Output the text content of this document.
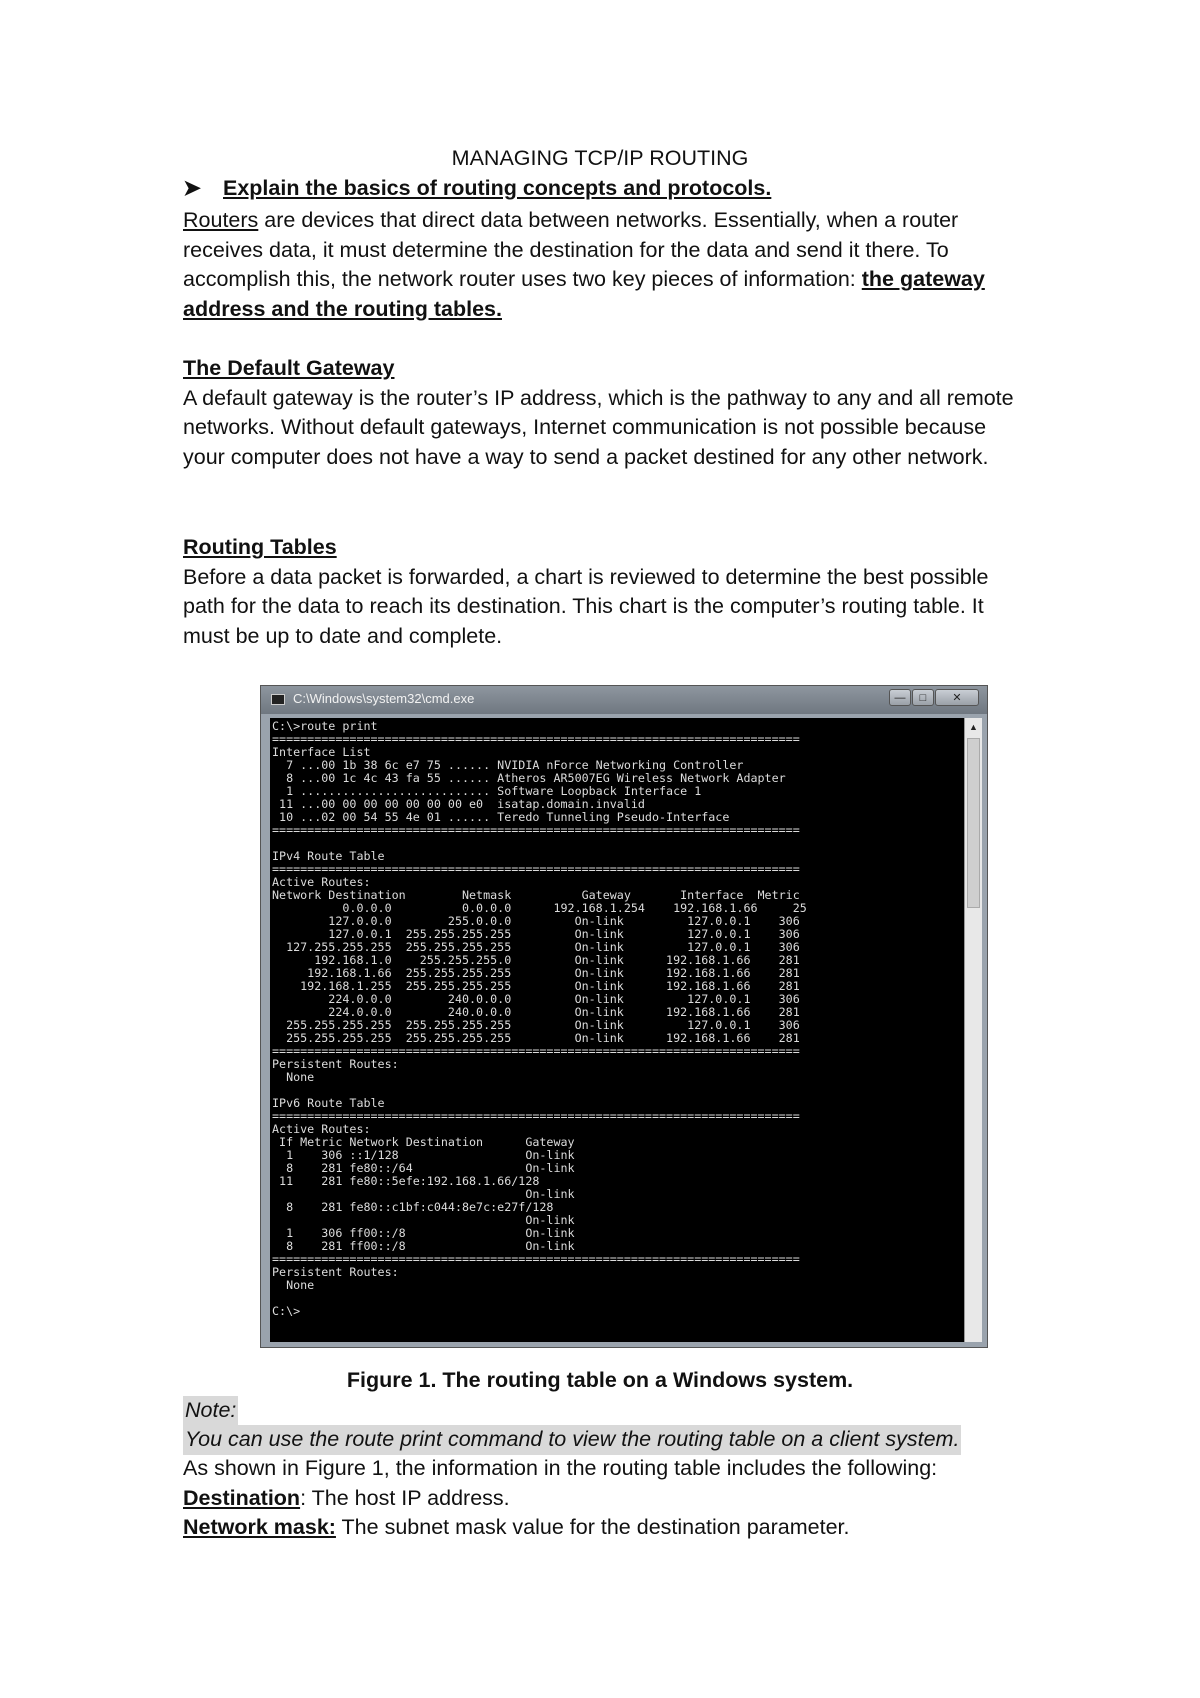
MANAGING TCP/IP ROUTING
➤ Explain the basics of routing concepts and protocols.
Routers are devices that direct data between networks. Essentially, when a router receives data, it must determine the destination for the data and send it there. To accomplish this, the network router uses two key pieces of information: the gateway address and the routing tables.
The Default Gateway
A default gateway is the router’s IP address, which is the pathway to any and all remote networks. Without default gateways, Internet communication is not possible because your computer does not have a way to send a packet destined for any other network.
Routing Tables
Before a data packet is forwarded, a chart is reviewed to determine the best possible path for the data to reach its destination. This chart is the computer’s routing table. It must be up to date and complete.
C:\Windows\system32\cmd.exe	—	□	✕
C:\>route print
===========================================================================
Interface List
7 ...00 1b 38 6c e7 75 ...... NVIDIA nForce Networking Controller
8 ...00 1c 4c 43 fa 55 ...... Atheros AR5007EG Wireless Network Adapter
1 ........................... Software Loopback Interface 1
11 ...00 00 00 00 00 00 00 e0  isatap.domain.invalid
10 ...02 00 54 55 4e 01 ...... Teredo Tunneling Pseudo-Interface
===========================================================================

IPv4 Route Table
===========================================================================
Active Routes:
Network Destination        Netmask          Gateway       Interface  Metric
0.0.0.0          0.0.0.0      192.168.1.254    192.168.1.66     25
127.0.0.0        255.0.0.0         On-link         127.0.0.1    306
127.0.0.1  255.255.255.255         On-link         127.0.0.1    306
127.255.255.255  255.255.255.255         On-link         127.0.0.1    306
192.168.1.0    255.255.255.0         On-link      192.168.1.66    281
192.168.1.66  255.255.255.255         On-link      192.168.1.66    281
192.168.1.255  255.255.255.255         On-link      192.168.1.66    281
224.0.0.0        240.0.0.0         On-link         127.0.0.1    306
224.0.0.0        240.0.0.0         On-link      192.168.1.66    281
255.255.255.255  255.255.255.255         On-link         127.0.0.1    306
255.255.255.255  255.255.255.255         On-link      192.168.1.66    281
===========================================================================
Persistent Routes:
None

IPv6 Route Table
===========================================================================
Active Routes:
If Metric Network Destination      Gateway
1    306 ::1/128                  On-link
8    281 fe80::/64                On-link
11    281 fe80::5efe:192.168.1.66/128
On-link
8    281 fe80::c1bf:c044:8e7c:e27f/128
On-link
1    306 ff00::/8                 On-link
8    281 ff00::/8                 On-link
===========================================================================
Persistent Routes:
None

C:\>
▲
Figure 1. The routing table on a Windows system.
Note:
You can use the route print command to view the routing table on a client system.
As shown in Figure 1, the information in the routing table includes the following:
Destination: The host IP address.
Network mask: The subnet mask value for the destination parameter.
